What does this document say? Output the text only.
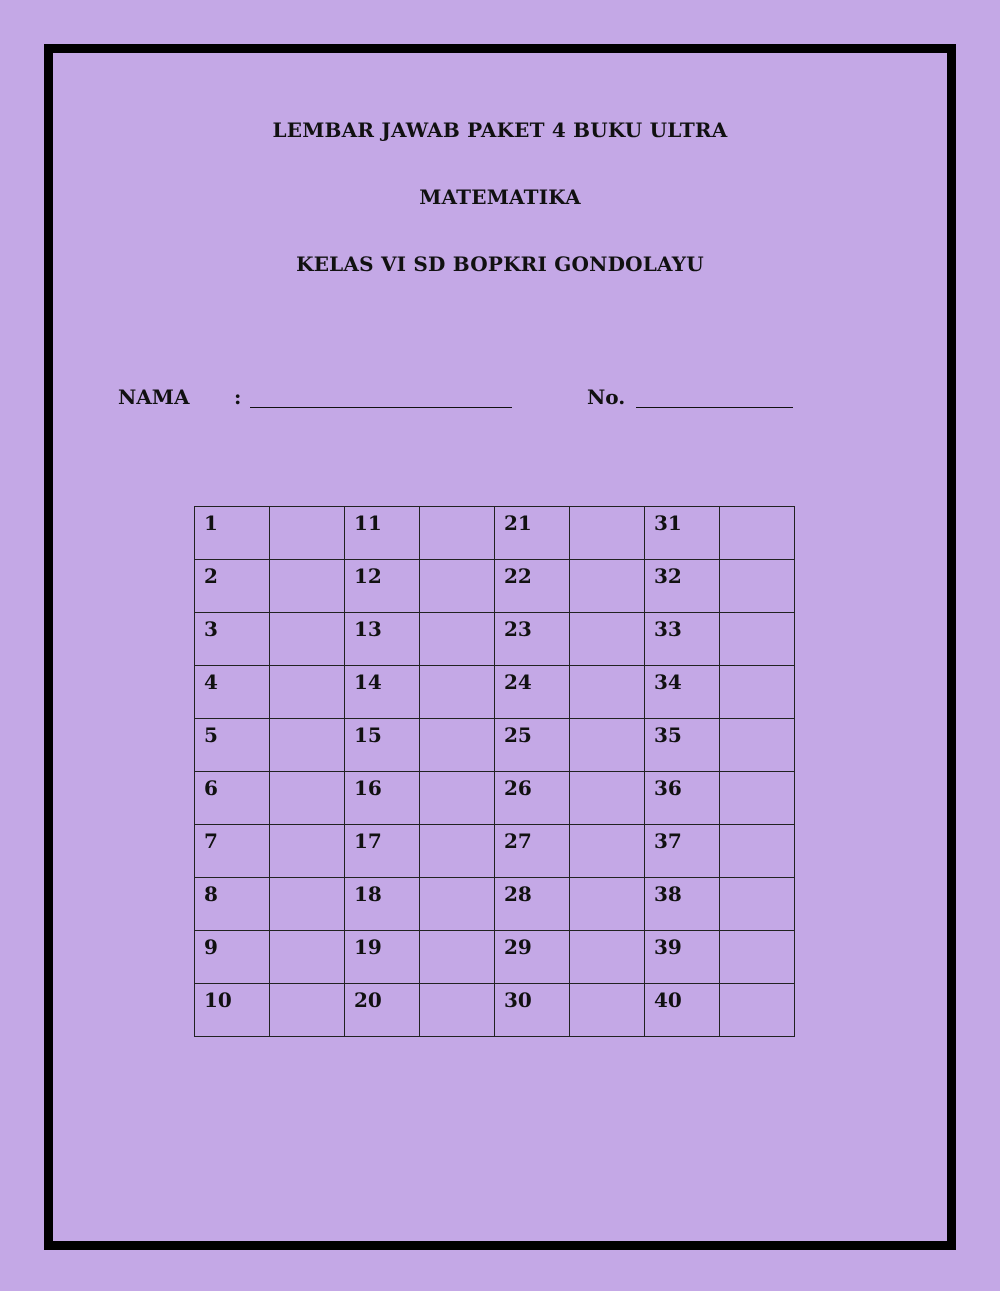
LEMBAR JAWAB PAKET 4 BUKU ULTRA
MATEMATIKA
KELAS VI SD BOPKRI GONDOLAYU
NAMA :	No.
1		11		21		31	

2		12		22		32	

3		13		23		33	

4		14		24		34	

5		15		25		35	

6		16		26		36	

7		17		27		37	

8		18		28		38	

9		19		29		39	

10		20		30		40	
